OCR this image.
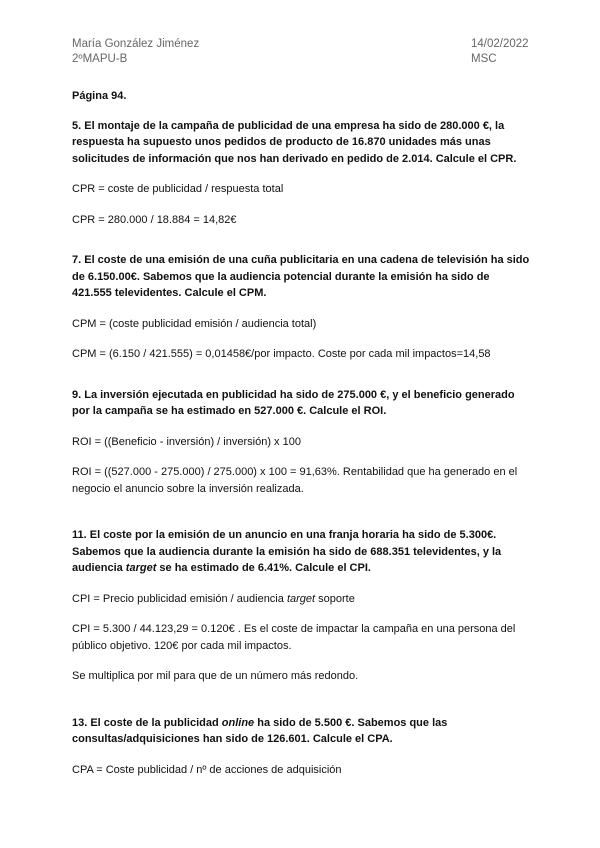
María González Jiménez
2ºMAPU-B
14/02/2022
MSC

Página 94.

5. El montaje de la campaña de publicidad de una empresa ha sido de 280.000 €, la respuesta ha supuesto unos pedidos de producto de 16.870 unidades más unas solicitudes de información que nos han derivado en pedido de 2.014. Calcule el CPR.

CPR = coste de publicidad / respuesta total

CPR = 280.000 / 18.884 = 14,82€

7. El coste de una emisión de una cuña publicitaria en una cadena de televisión ha sido de 6.150.00€. Sabemos que la audiencia potencial durante la emisión ha sido de 421.555 televidentes. Calcule el CPM.

CPM = (coste publicidad emisión / audiencia total)

CPM = (6.150 / 421.555) = 0,01458€/por impacto. Coste por cada mil impactos=14,58

9. La inversión ejecutada en publicidad ha sido de 275.000 €, y el beneficio generado por la campaña se ha estimado en 527.000 €. Calcule el ROI.

ROI = ((Beneficio - inversión) / inversión) x 100

ROI = ((527.000 - 275.000) / 275.000) x 100 = 91,63%. Rentabilidad que ha generado en el negocio el anuncio sobre la inversión realizada.

11. El coste por la emisión de un anuncio en una franja horaria ha sido de 5.300€. Sabemos que la audiencia durante la emisión ha sido de 688.351 televidentes, y la audiencia target se ha estimado de 6.41%. Calcule el CPI.

CPI = Precio publicidad emisión / audiencia target soporte

CPI = 5.300 / 44.123,29 = 0.120€ . Es el coste de impactar la campaña en una persona del público objetivo. 120€ por cada mil impactos.

Se multiplica por mil para que de un número más redondo.

13. El coste de la publicidad online ha sido de 5.500 €. Sabemos que las consultas/adquisiciones han sido de 126.601. Calcule el CPA.

CPA = Coste publicidad / nº de acciones de adquisición
